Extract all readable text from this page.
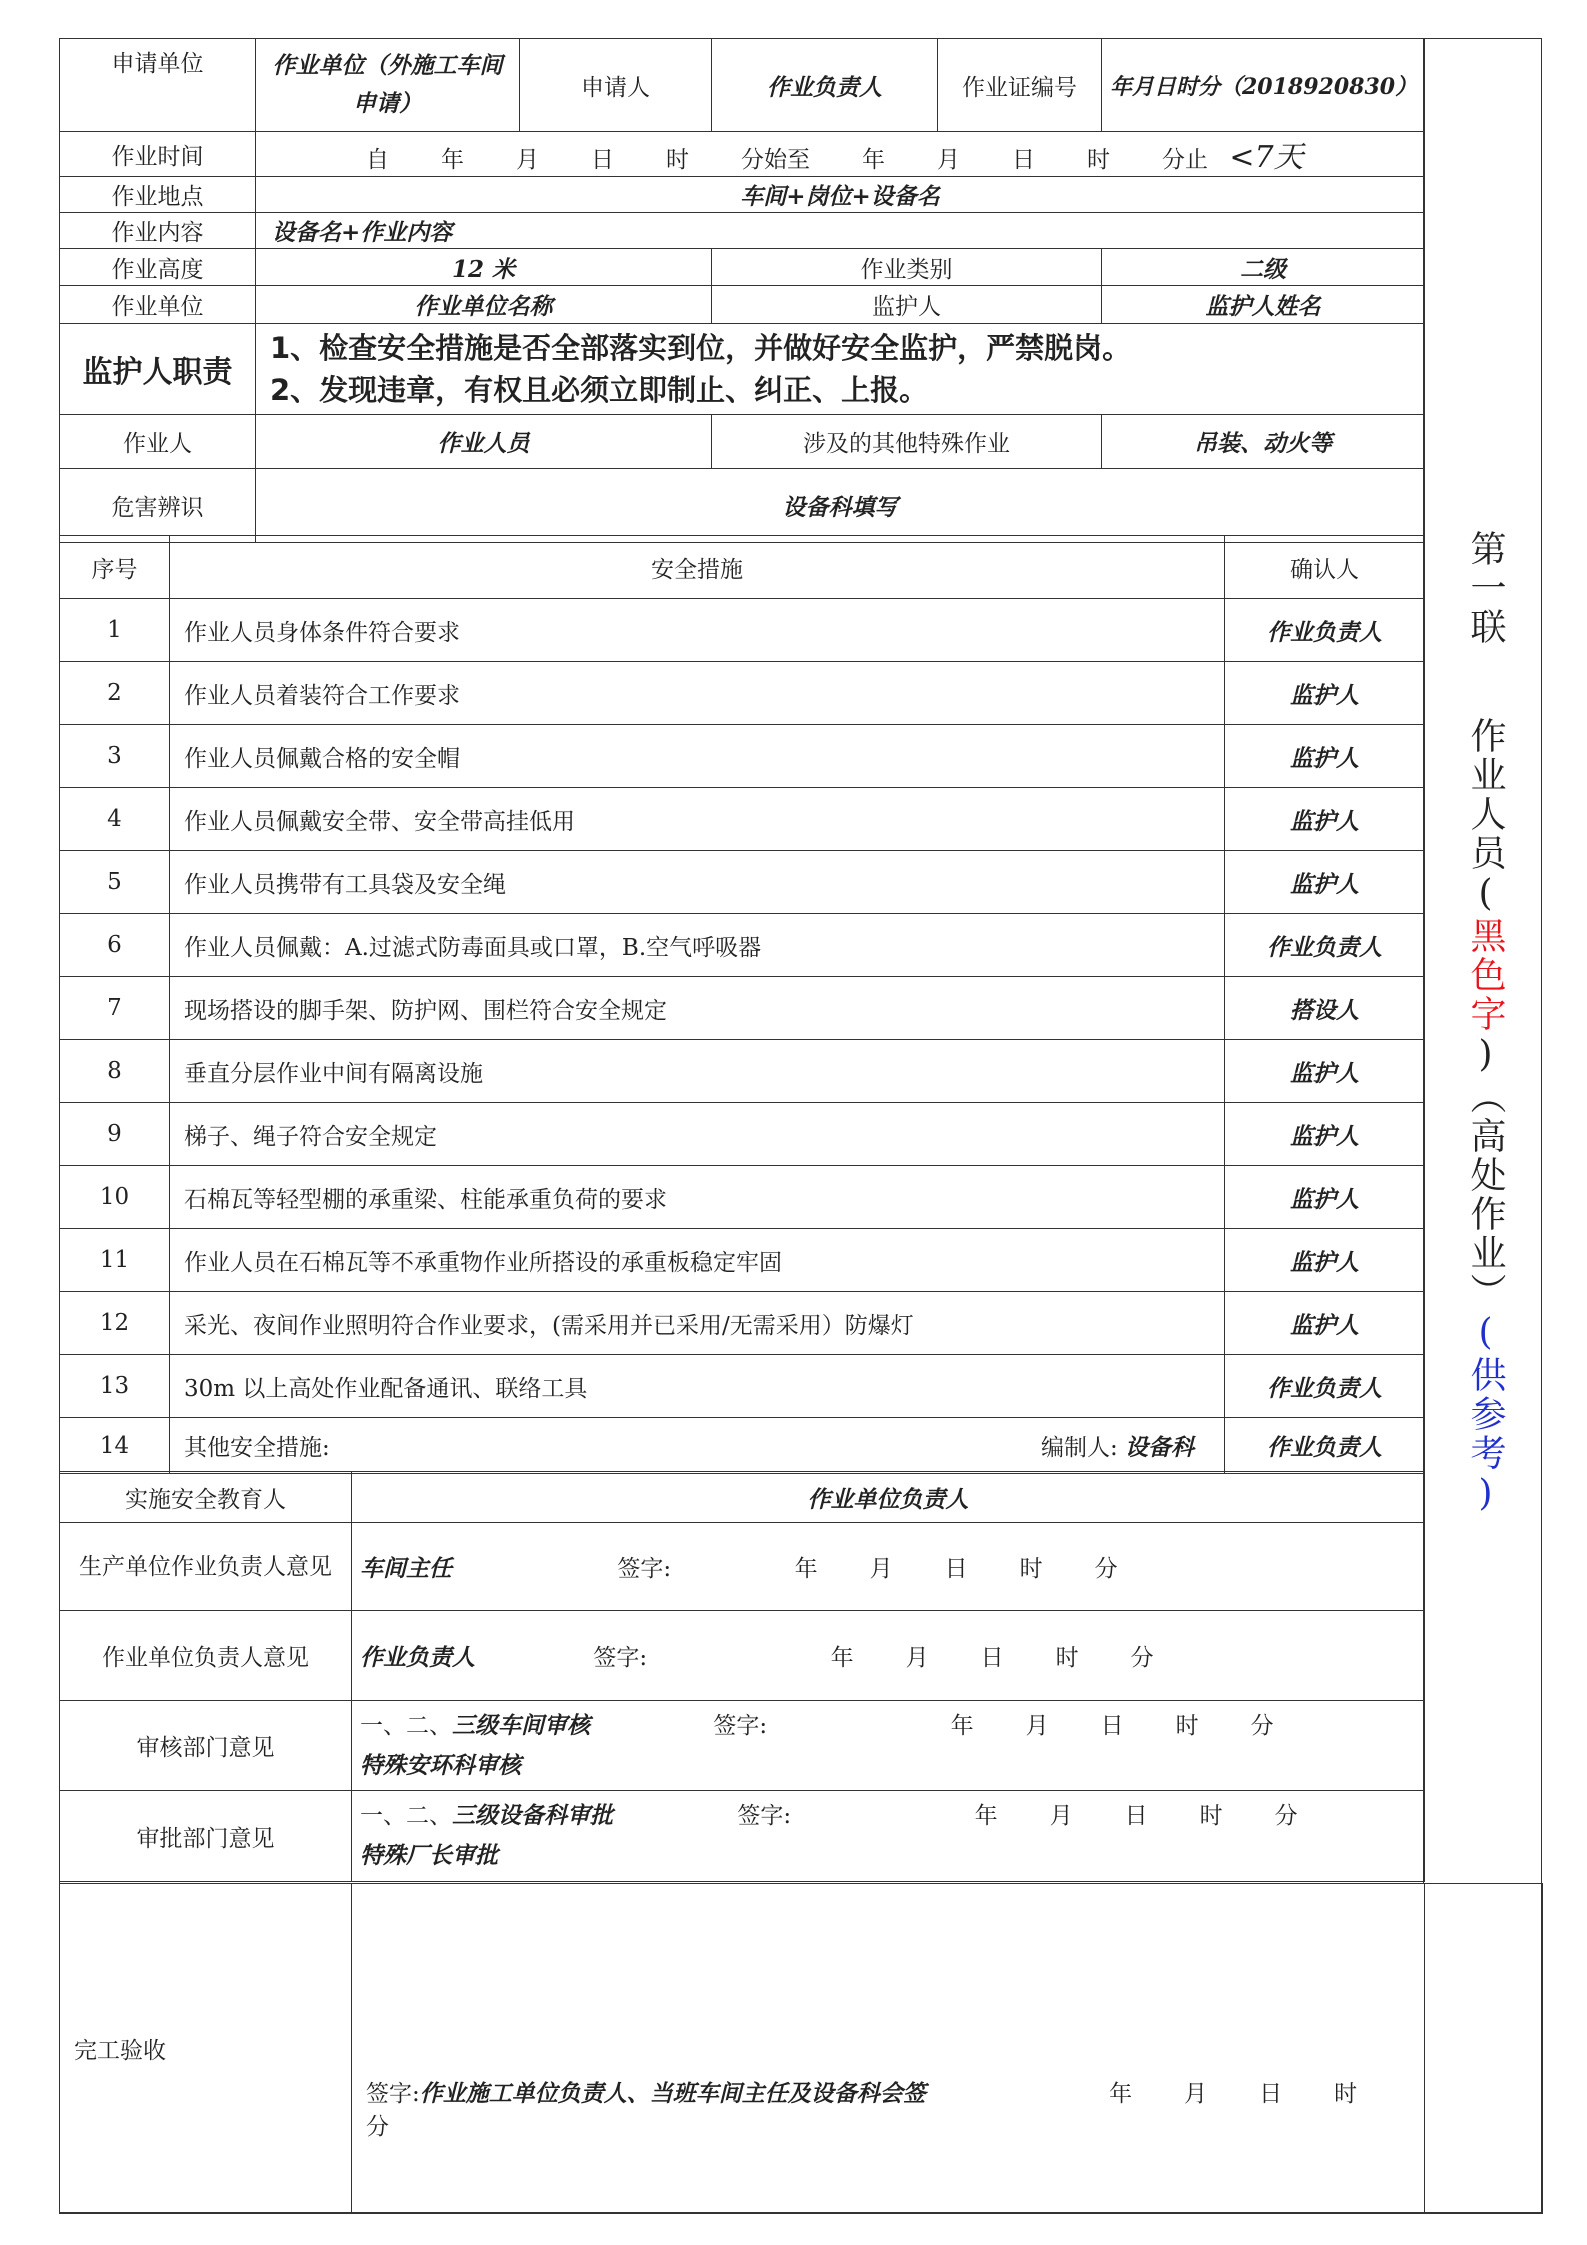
申请单位	作业单位（外施工车间申请）	申请人	作业负责人	作业证编号	年月日时分（2018920830）
作业时间	自 年 月 日 时 分始至 年 月 日 时 分止 <7天				
作业地点	车间+岗位+设备名				
作业内容	设备名+作业内容				
作业高度	12 米		作业类别		二级
作业单位	作业单位名称		监护人		监护人姓名
监护人职责	1、检查安全措施是否全部落实到位，并做好安全监护，严禁脱岗。
2、发现违章，有权且必须立即制止、纠正、上报。				

作业人	作业人员		涉及的其他特殊作业		吊装、动火等
危害辨识	设备科填写				
序号	安全措施	确认人
1	作业人员身体条件符合要求	作业负责人
2	作业人员着装符合工作要求	监护人
3	作业人员佩戴合格的安全帽	监护人
4	作业人员佩戴安全带、安全带高挂低用	监护人
5	作业人员携带有工具袋及安全绳	监护人
6	作业人员佩戴：A.过滤式防毒面具或口罩，B.空气呼吸器	作业负责人
7	现场搭设的脚手架、防护网、围栏符合安全规定	搭设人
8	垂直分层作业中间有隔离设施	监护人
9	梯子、绳子符合安全规定	监护人
10	石棉瓦等轻型棚的承重梁、柱能承重负荷的要求	监护人
11	作业人员在石棉瓦等不承重物作业所搭设的承重板稳定牢固	监护人
12	采光、夜间作业照明符合作业要求，(需采用并已采用/无需采用）防爆灯	监护人
13	30m 以上高处作业配备通讯、联络工具	作业负责人
14	其他安全措施: 编制人: 设备科	作业负责人
实施安全教育人	作业单位负责人
生产单位作业负责人意见	车间主任 签字: 年 月 日 时 分
作业单位负责人意见	作业负责人 签字: 年 月 日 时 分
审核部门意见	一、二、三级车间审核 签字: 年 月 日 时 分
特殊安环科审核

审批部门意见	一、二、三级设备科审批 签字: 年 月 日 时 分
特殊厂长审批
完工验收	签字:作业施工单位负责人、当班车间主任及设备科会签	年 月 日 时分	
第一联作业人员(黑色字)（高处作业）(供参考)
